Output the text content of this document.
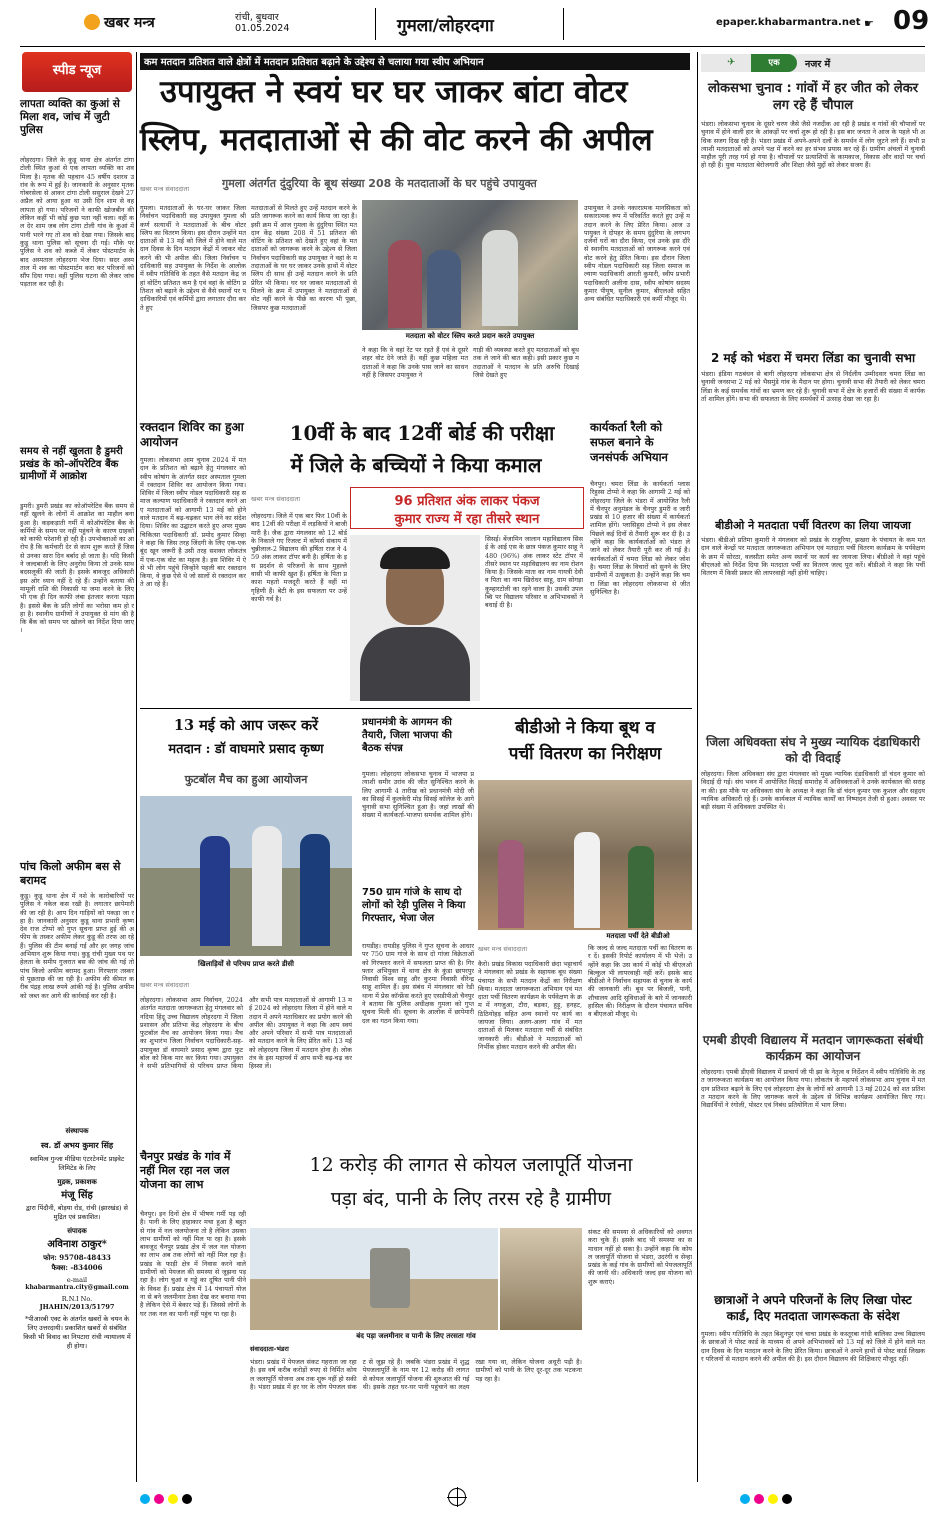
खबर मन्त्र	रांची, बुधवार
01.05.2024	गुमला/लोहरदगा	epaper.khabarmantra.net ☛ 09
स्पीड न्यूज
लापता व्यक्ति का कुआं से मिला शव, जांच में जुटी पुलिस
लोहरदगा। जिले के कुडू थाना क्षेत्र अंतर्गत टांगा टोली स्थित कुआं से एक लापता व्यक्ति का शव मिला है। मृतक की पहचान 45 वर्षीय दशरथ उरांव के रूप में हुई है। जानकारी के अनुसार मृतक गोबरसेला से आकर टांगा टोली ससुराल देखने 27 अप्रैल को आया हुआ था उसी दिन शाम से वह लापता हो गया। परिजनों ने काफी खोजबीन की लेकिन कहीं भी कोई कुछ पता नहीं चला। वहीं कल देर शाम जब लोग टांगा टोली गांव के कुआं में पानी भरने गए तो शव को देखा गया। जिसके बाद कुडू थाना पुलिस को सूचना दी गई। मौके पर पुलिस ने शव को कब्जे में लेकर पोस्टमार्टम के बाद अस्पताल लोहरदगा भेज दिया। सदर अस्पताल में शव का पोस्टमार्टम करा कर परिजनों को सौंप दिया गया। वहीं पुलिस घटना की लेकर जांच पड़ताल कर रही है।
समय से नहीं खुलता है डुमरी प्रखंड के को-ऑपरेटिव बैंक ग्रामीणों में आक्रोश
डुमरी। डुमरी प्रखंड का कोऑपरेटिव बैंक समय से नहीं खुलने के लोगों में आक्रोश का माहौल बना हुआ है। कड़कड़ाती गर्मी में कोऑपरेटिव बैंक के कर्मियों के समय पर नहीं पहुंचने के कारण ग्राहकों को काफी परेशानी हो रही है। उपभोक्ताओं का आरोप है कि कर्मचारी देर से काम शुरू करते हैं जिससे उनका सारा दिन बर्बाद हो जाता है। यदि किसी ने जल्दबाजी के लिए अनुरोध किया तो उनके साथ बदसलूकी की जाती है। इसके बावजूद अधिकारी इस ओर ध्यान नहीं दे रहे हैं। उन्होंने बताया की मामूली राशि की निकासी या जमा करने के लिए भी एक ही दिन काफी लंबा इंतजार करना पड़ता है। इससे बैंक के प्रति लोगों का भरोसा कम हो रहा है। स्थानीय ग्रामीणों ने उपायुक्त से मांग की है कि बैंक को समय पर खोलने का निर्देश दिया जाए।
पांच किलो अफीम बस से बरामद
कुडू। कुडू थाना क्षेत्र में नशे के कारोबारियों पर पुलिस ने नकेल कस रखी है। लगातार छापेमारी की जा रही है। आप दिन गाड़ियों को पकड़ा जा रहा है। जानकारी अनुसार कुडू थाना प्रभारी कृष्णदेव राज टोप्पो को गुप्त सूचना प्राप्त हुई की अफीम के तस्कर अफीम लेकर कुडू की तरफ आ रहे हैं। पुलिस की टीम बनाई गई और हर जगह जांच अभियान शुरू किया गया। कुडू रांची मुख्य पथ पर हेलता के समीप गुजरात बस की जांच की गई तो पांच किलो अफीम बरामद हुआ। गिरफ्तार तस्कर से पूछताछ की जा रही है। अफीम की कीमत करीब पंद्रह लाख रुपये आंकी गई है। पुलिस अफीम को जब्त कर आगे की कार्रवाई कर रही है।
संस्थापक
स्व. डॉ अभय कुमार सिंह
स्वामित्व गुन्जा मीडिया एंटरटेनमेंट प्राइवेट लिमिटेड के लिए
मुद्रक, प्रकाशक
मंजू सिंह
द्वारा पिंदौनी, बोड़या रोड, रांची (झारखंड) से मुद्रित एवं प्रकाशित।
संपादक
अविनाश ठाकुर*
फोन: 95708-48433
फैक्स: -834006
e-mail
khabarmantra.city@gmail.com
R.N.I No.
JHAHIN/2013/51797
*पीआरबी एक्ट के अंतर्गत खबरों के चयन के लिए उत्तरदायी। प्रकाशित खबरों से संबंधित किसी भी विवाद का निपटारा रांची न्यायालय में ही होगा।
कम मतदान प्रतिशत वाले क्षेत्रों में मतदान प्रतिशत बढ़ाने के उद्देश्य से चलाया गया स्वीप अभियान
उपायुक्त ने स्वयं घर घर जाकर बांटा वोटर
स्लिप, मतदाताओं से की वोट करने की अपील
गुमला अंतर्गत दुंदुरिया के बूथ संख्या 208 के मतदाताओं के घर पहुंचे उपायुक्त
खबर मन्त्र संवाददाता
गुमला। मतदाताओं के घर-घर जाकर जिला निर्वाचन पदाधिकारी सह उपायुक्त गुमला श्री कर्ण सत्यार्थी ने मतदाताओं के बीच वोटर स्लिप का वितरण किया। इस दौरान उन्होंने मतदाताओं से 13 मई को जिले में होने वाले मतदान दिवस के दिन मतदान केंद्रों में जाकर वोट करने की भी अपील की। जिला निर्वाचन पदाधिकारी सह उपायुक्त के निर्देश के आलोक में स्वीप गतिविधि के तहत वैसे मतदान केंद्र जहां वोटिंग प्रतिशत कम है एवं वहां के वोटिंग प्रतिशत को बढ़ाने के उद्देश्य से वैसे स्थानों पर पदाधिकारियों एवं कर्मियों द्वारा लगातार दौरा करते हुए
मतदाताओं से मिलते हुए उन्हें मतदान करने के प्रति जागरूक करने का कार्य किया जा रहा है। इसी क्रम में आज गुमला के दुंदुरिया स्थित मतदान केंद्र संख्या 208 में 51 प्रतिशत की वोटिंग के प्रतिशत को देखते हुए वहां के मतदाताओं को जागरूक करने के उद्देश्य से जिला निर्वाचन पदाधिकारी सह उपायुक्त ने वहां के मतदाताओं के घर घर जाकर उनके हाथों में वोटर स्लिप दी साथ ही उन्हें मतदान करने के प्रति प्रेरित भी किया। घर घर जाकर मतदाताओं से मिलने के क्रम में उपायुक्त ने मतदाताओं से वोट नहीं करने के पीछे का कारण भी पूछा, जिसपर कुछ मतदाताओं
मतदाता को वोटर स्लिप करते प्रदान करते उपायुक्त
ने कहा कि वे वहां रेंट पर रहते हैं एवं वे दूसरे शहर वोट देने जाते हैं। वहीं कुछ महिला मतदाताओं ने कहा कि उनके पास जाने का साधन नहीं है जिसपर उपायुक्त ने
गाड़ी की व्यवस्था करते हुए मतदाताओं को बूथ तक ले जाने की बात कही। इसी प्रकार कुछ मतदाताओं ने मतदान के प्रति अरुचि दिखाई जिसे देखते हुए
उपायुक्त ने उनके नकारात्मक मानसिकता को सकारात्मक रूप में परिवर्तित करते हुए उन्हें मतदान करने के लिए प्रेरित किया। आज उपायुक्त ने दोपहर के समय दुंदुरिया के लगभग दर्जनों घरों का दौरा किया, एवं उनके इस दौरे से स्थानीय मतदाताओं को जागरूक करने एवं वोट करने हेतु प्रेरित किया। इस दौरान जिला स्वीप नोडल पदाधिकारी सह जिला समाज कल्याण पदाधिकारी आरती कुमारी, स्वीप प्रभारी पदाधिकारी अलीना दास, स्वीप कोषांग सदस्य कुमार पीयूष, सुनील कुमार, बीएलओ सहित अन्य संबंधित पदाधिकारी एवं कर्मी मौजूद थे।
रक्तदान शिविर का हुआ आयोजन
गुमला। लोकसभा आम चुनाव 2024 में मतदान के प्रतिशत को बढ़ाने हेतु मंगलवार को स्वीप कोषांग के अंतर्गत सदर अस्पताल गुमला में रक्तदान शिविर का आयोजन किया गया। शिविर में जिला स्वीप नोडल पदाधिकारी सह समाज कल्याण पदाधिकारी ने रक्तदान करने आए मतदाताओं को आगामी 13 मई को होने वाले मतदान में बढ़-चढ़कर भाग लेने का संदेश दिया। शिविर का उद्घाटन करते हुए अपर मुख्य चिकित्सा पदाधिकारी डॉ. प्रमोद कुमार सिन्हा ने कहा कि जिस तरह जिंदगी के लिए एक-एक बूंद खून जरूरी है उसी तरह सशक्त लोकतंत्र में एक-एक वोट का महत्व है। इस शिविर में ऐसे भी लोग पहुंचे जिन्होंने पहली बार रक्तदान किया, वे कुछ ऐसे थे जो सालों से रक्तदान करते आ रहे हैं।
10वीं के बाद 12वीं बोर्ड की परीक्षा
में जिले के बच्चियों ने किया कमाल
खबर मन्त्र संवाददाता
लोहरदगा। जिले में एक बार फिर 10वीं के बाद 12वीं की परीक्षा में लड़कियों ने बाजी मारी है। जैक द्वारा मंगलवार को 12 बोर्ड के निकाले गए रिजल्ट में कॉमर्स संकाय में चुन्नीलाल-2 विद्यालय की हर्षिता राज ने 459 अंक लाकर टॉपर बनी है। हर्षिता के इस प्रदर्शन से परिजनों के साथ मुहल्ले वासी भी काफी खुश हैं। हर्षिता के पिता प्रकाश महतो मजदूरी करते हैं वहीं मां गृहिणी हैं। बेटी के इस सफलता पर उन्हें काफी गर्व है।
96 प्रतिशत अंक लाकर पंकज
कुमार राज्य में रहा तीसरे स्थान
सिसई। बेंजामिन जालान महाविद्यालय सिसई के आई एस के छात्र पंकज कुमार साहू ने 480 (96%) अंक लाकर स्टेट टॉपर में तीसरे स्थान पर महाविद्यालय का नाम रोशन किया है। जिसके माता का नाम गायत्री देवी व पिता का नाम खिरोधर साहू, ग्राम सोगड़ा कुम्हारटोली का रहने वाला है। उसकी उपलब्धि पर विद्यालय परिवार व अभिभावकों ने बधाई दी है।
कार्यकर्ता रैली को सफल बनाने के जनसंपर्क अभियान
चैनपुर। चमरा लिंडा के कार्यकर्ता प्लासरिहुस्स टोप्पो ने कहा कि आगामी 2 मई को लोहरदगा जिले के भंडरा में आयोजित रैली में चैनपुर अनुमंडल के चैनपुर डुमरी व जारी प्रखंड से 10 हजार की संख्या में कार्यकर्ता शामिल होंगे। प्लासिहुस टोप्पो ने इस लेकर पिछले कई दिनों से तैयारी शुरू कर दी है। उन्होंने कहा कि कार्यकर्ताओं को भंडरा ले जाने को लेकर तैयारी पूरी कर ली गई है। कार्यकर्ताओं में चमरा लिंडा को लेकर जोश है। चमरा लिंडा के विचारों को सुनने के लिए ग्रामीणों में उत्सुकता है। उन्होंने कहा कि चमरा लिंडा का लोहरदगा लोकसभा से जीत सुनिश्चित है।
13 मई को आप जरूर करें
मतदान : डॉ वाघमारे प्रसाद कृष्ण
फुटबॉल मैच का हुआ आयोजन
खिलाड़ियों से परिचय प्राप्त करते डीसी
खबर मन्त्र संवाददाता
लोहरदगा। लोकसभा आम निर्वाचन, 2024 अंतर्गत मतदाता जागरूकता हेतु मंगलवार को नदिया हिंदू उच्च विद्यालय लोहरदगा में जिला प्रशासन और प्रतिभा केंद्र लोहरदगा के बीच फुटबॉल मैच का आयोजन किया गया। मैच का शुभारंभ जिला निर्वाचन पदाधिकारी-सह-उपायुक्त डॉ वाघमारे प्रसाद कृष्ण द्वारा फुटबॉल को किक मार कर किया गया। उपायुक्त ने सभी प्रतिभागियों से परिचय प्राप्त किया और सभी पात्र मतदाताओं से आगामी 13 मई 2024 को लोहरदगा जिला में होने वाले मतदान में अपने मताधिकार का प्रयोग करने की अपील की। उपायुक्त ने कहा कि आप स्वयं और अपने परिवार में सभी पात्र मतदाताओं को मतदान करने के लिए प्रेरित करें। 13 मई को लोहरदगा जिला में मतदान होना है। लोकतंत्र के इस महापर्व में आप सभी बढ़-चढ़ कर हिस्सा लें।
प्रधानमंत्री के आगमन की तैयारी, जिला भाजपा की बैठक संपन्न
गुमला। लोहरदगा लोकसभा चुनाव में भाजपा प्रत्याशी समीर उरांव की जीत सुनिश्चित करने के लिए आगामी 4 तारीख को प्रधानमंत्री मोदी जी का सिसई में कुलकेरी मोड़ सिसई कॉलेज के आगे चुनावी सभा सुनिश्चित हुआ है। जहां लाखों की संख्या में कार्यकर्ता-भाजपा समर्थक शामिल होंगे।
750 ग्राम गांजे के साथ दो लोगों को रेड़ी पुलिस ने किया गिरफ्तार, भेजा जेल
रायडीह। रायडीह पुलिस ने गुप्त सूचना के आधार पर 750 ग्राम गांजे के साथ दो गांजा विक्रेताओं को गिरफ्तार करने में सफलता प्राप्त की है। गिरफ्तार अभियुक्त में थाना क्षेत्र के कुंडा छापरपुर निवासी विश्व साहू और कुरमा निवासी वीरेन्द्र साहू शामिल हैं। इस संबंध में मंगलवार को रेडी थाना में प्रेस कॉन्फ्रेंस करते हुए एसडीपीओ चैनपुर ने बताया कि पुलिस अधीक्षक गुमला को गुप्त सूचना मिली थी। सूचना के आलोक में छापेमारी दल का गठन किया गया।
बीडीओ ने किया बूथ व
पर्ची वितरण का निरीक्षण
मतदाता पर्ची देते बीडीओ
खबर मन्त्र संवाददाता
कैरो। प्रखंड विकास पदाधिकारी छंदा भट्टाचार्य ने मंगलवार को प्रखंड के सहायक बूथ संख्या पंचायत के सभी मतदान केंद्रों का निरीक्षण किया। मतदाता जागरूकता अभियान एवं मतदाता पर्ची वितरण कार्यक्रम के पर्यवेक्षण के क्रम में नगजुआ, टौरा, बड़का, हुड़ू, हनहट, ठिठियोहड़ सहित अन्य स्थानों पर कार्य का जायजा लिया। अलग-अलग गांव में मतदाताओं से मिलकर मतदाता पर्ची से संबंधित जानकारी ली। बीडीओ ने मतदाताओं को निर्भीक होकर मतदान करने की अपील की।
कि जल्द से जल्द मतदाता पर्ची का वितरण कर दें। इसकी रिपोर्ट कार्यालय में भी भेजें। उन्होंने कहा कि उस कार्य में कोई भी बीएलओ बिल्कुल भी लापरवाही नहीं करें। इसके बाद बीडीओ ने निर्वाचन सहायक से चुनाव के कार्य की जानकारी ली। बूथ पर बिजली, पानी, शौचालय आदि सुविधाओं के बारे में जानकारी हासिल की। निरीक्षण के दौरान पंचायत सचिव व बीएलओ मौजूद थे।
चैनपुर प्रखंड के गांव में नहीं मिल रहा नल जल योजना का लाभ
चैनपुर। इन दिनों क्षेत्र में भीषण गर्मी पड़ रही है। पानी के लिए हाहाकार मचा हुआ है बहुत से गांव में नल जलयोजना तो है लेकिन उसका लाभ ग्रामीणों को नहीं मिल पा रहा है। इसके बावजूद चैनपुर प्रखंड क्षेत्र में जल नल योजना का लाभ अब तक लोगों को नहीं मिल रहा है। प्रखंड के फाड़ी क्षेत्र में निवास करने वाले ग्रामीणों को पेयजल की समस्या से जूझना पड़ रहा है। लोग चुआं व गड्ढे का दूषित पानी पीने के विवश हैं। प्रखंड क्षेत्र में 14 पंचायतों योजना से बने जलमीनार ठेका देख कर बनाया गया है लेकिन ऐसे में बेकार पड़े हैं। जिससे लोगों के घर तक नल का पानी नहीं पहुंच पा रहा है।
12 करोड़ की लागत से कोयल जलापूर्ति योजना
पड़ा बंद, पानी के लिए तरस रहे है ग्रामीण
बंद पड़ा जलमीनार व पानी के लिए तरसता गांव
संवाददाता-भंडरा
भंडरा। प्रखंड में पेयजल संकट गहराता जा रहा है। इस वर्ष करीब करोड़ों रुपए से निर्मित कोयल जलापूर्ति योजना अब तक शुरू नहीं हो सकी है। भंडरा प्रखंड में हर घर के लोग पेयजल संकट से जूझ रहे हैं। जबकि भंडरा प्रखंड में शुद्ध पेयजलापूर्ति के नाम पर 12 करोड़ की लागत से कोयल जलापूर्ति योजना की शुरुआत की गई थी। इसके तहत घर-घर पानी पहुंचाने का लक्ष्य रखा गया था, लेकिन योजना अधूरी पड़ी है। ग्रामीणों को पानी के लिए दूर-दूर तक भटकना पड़ रहा है।
संकट की समस्या से अधिकारियों को अवगत करा चुके हैं। इसके बाद भी समस्या का समाधान नहीं हो सका है। उन्होंने कहा कि कोयल जलापूर्ति योजना से भंडरा, उदरंगी व सेन्हा प्रखंड के कई गांव के ग्रामीणों को पेयजलापूर्ति की जानी थी। अधिकारी जल्द इस योजना को शुरू कराएं।
एक
✈	नजर में
लोकसभा चुनाव : गांवों में हर जीत को लेकर लग रहे हैं चौपाल
भंडरा। लोकसभा चुनाव के दूसरे चरण जैसे जैसे नजदीक आ रही है प्रखंड व गांवों की चौपालों पर चुनाव में होने वाली हार के आंकड़ों पर चर्चा शुरू हो रही है। इस बार जनता ने आज के पहले भी अधिक सजग दिख रही है। भंडरा प्रखंड में अपने-अपने दलों के समर्थन में लोग जुटने लगे हैं। सभी प्रत्याशी मतदाताओं को अपने पक्ष में करने का हर संभव प्रयास कर रहे हैं। ग्रामीण अंचलों में चुनावी माहौल पूरी तरह गर्म हो गया है। चौपालों पर प्रत्याशियों के कामकाज, विकास और वादों पर चर्चा हो रही है। युवा मतदाता बेरोजगारी और शिक्षा जैसे मुद्दों को लेकर सजग हैं।
2 मई को भंडरा में चमरा लिंडा का चुनावी सभा
भंडरा। इंडिया गठबंधन से बागी लोहरदगा लोकसभा क्षेत्र से निर्दलीय उम्मीदवार चमरा लिंडा का चुनावी जनसभा 2 मई को भैसमुंडे गांव के मैदान पर होगा। चुनावी सभा की तैयारी को लेकर चमरा लिंडा के कई समर्थक गांवों का भ्रमण कर रहे हैं। चुनावी सभा में क्षेत्र के हजारों की संख्या में कार्यकर्ता शामिल होंगे। सभा की सफलता के लिए समर्थकों में उत्साह देखा जा रहा है।
बीडीओ ने मतदाता पर्ची वितरण का लिया जायजा
भंडरा। बीडीओ प्रतिमा कुमारी ने मंगलवार को प्रखंड के राजुरिया, झखरा के पंचायत के कम मतदान वाले केन्द्रों पर मतदाता जागरूकता अभियान एवं मतदाता पर्ची वितरण कार्यक्रम के पर्यवेक्षण के क्रम में सोरठा, वलसौता समेत अन्य स्थानों पर कार्य का जायजा लिया। बीडीओ ने वहां पहुंचे बीएलओ को निर्देश दिया कि मतदाता पर्ची का वितरण जल्द पूरा करें। बीडीओ ने कहा कि पर्ची वितरण में किसी प्रकार की लापरवाही नहीं होनी चाहिए।
जिला अधिवक्ता संघ ने मुख्य न्यायिक दंडाधिकारी को दी विदाई
लोहरदगा। जिला अधिवक्ता संघ द्वारा मंगलवार को मुख्य न्यायिक दंडाधिकारी डॉ चंदन कुमार को विदाई दी गई। संघ भवन में आयोजित विदाई समारोह में अधिवक्ताओं ने उनके कार्यकाल की सराहना की। इस मौके पर अधिवक्ता संघ के अध्यक्ष ने कहा कि डॉ चंदन कुमार एक कुशल और सहृदय न्यायिक अधिकारी रहे हैं। उनके कार्यकाल में न्यायिक कार्यों का निष्पादन तेजी से हुआ। अवसर पर बड़ी संख्या में अधिवक्ता उपस्थित थे।
एमबी डीएवी विद्यालय में मतदान जागरूकता संबंधी कार्यक्रम का आयोजन
लोहरदगा। एमबी डीएवी विद्यालय में प्राचार्य जी पी झा के नेतृत्व व निर्देशन में स्वीप गतिविधि के तहत जागरूकता कार्यक्रम का आयोजन किया गया। लोकतंत्र के महापर्व लोकसभा आम चुनाव में मतदान प्रतिशत बढ़ाने के लिए एवं लोहरदगा क्षेत्र के लोगों को आगामी 13 मई 2024 को शत प्रतिशत मतदान करने के लिए जागरूक करने के उद्देश्य से विभिन्न कार्यक्रम आयोजित किए गए। विद्यार्थियों ने रंगोली, पोस्टर एवं निबंध प्रतियोगिता में भाग लिया।
छात्राओं ने अपने परिजनों के लिए लिखा पोस्ट कार्ड, दिए मतदाता जागरूकता के संदेश
गुमला। स्वीप गतिविधि के तहत बिशुनपुर एवं चाचा प्रखंड के कस्तूरबा गांधी बालिका उच्च विद्यालय के छात्राओं ने पोस्ट कार्ड के माध्यम से अपने अभिभावकों को 13 मई को जिले में होने वाले मतदान दिवस के दिन मतदान करने के लिए प्रेरित किया। छात्राओं ने अपने हाथों से पोस्ट कार्ड लिखकर परिजनों से मतदान करने की अपील की है। इस दौरान विद्यालय की शिक्षिकाएं मौजूद रहीं।
